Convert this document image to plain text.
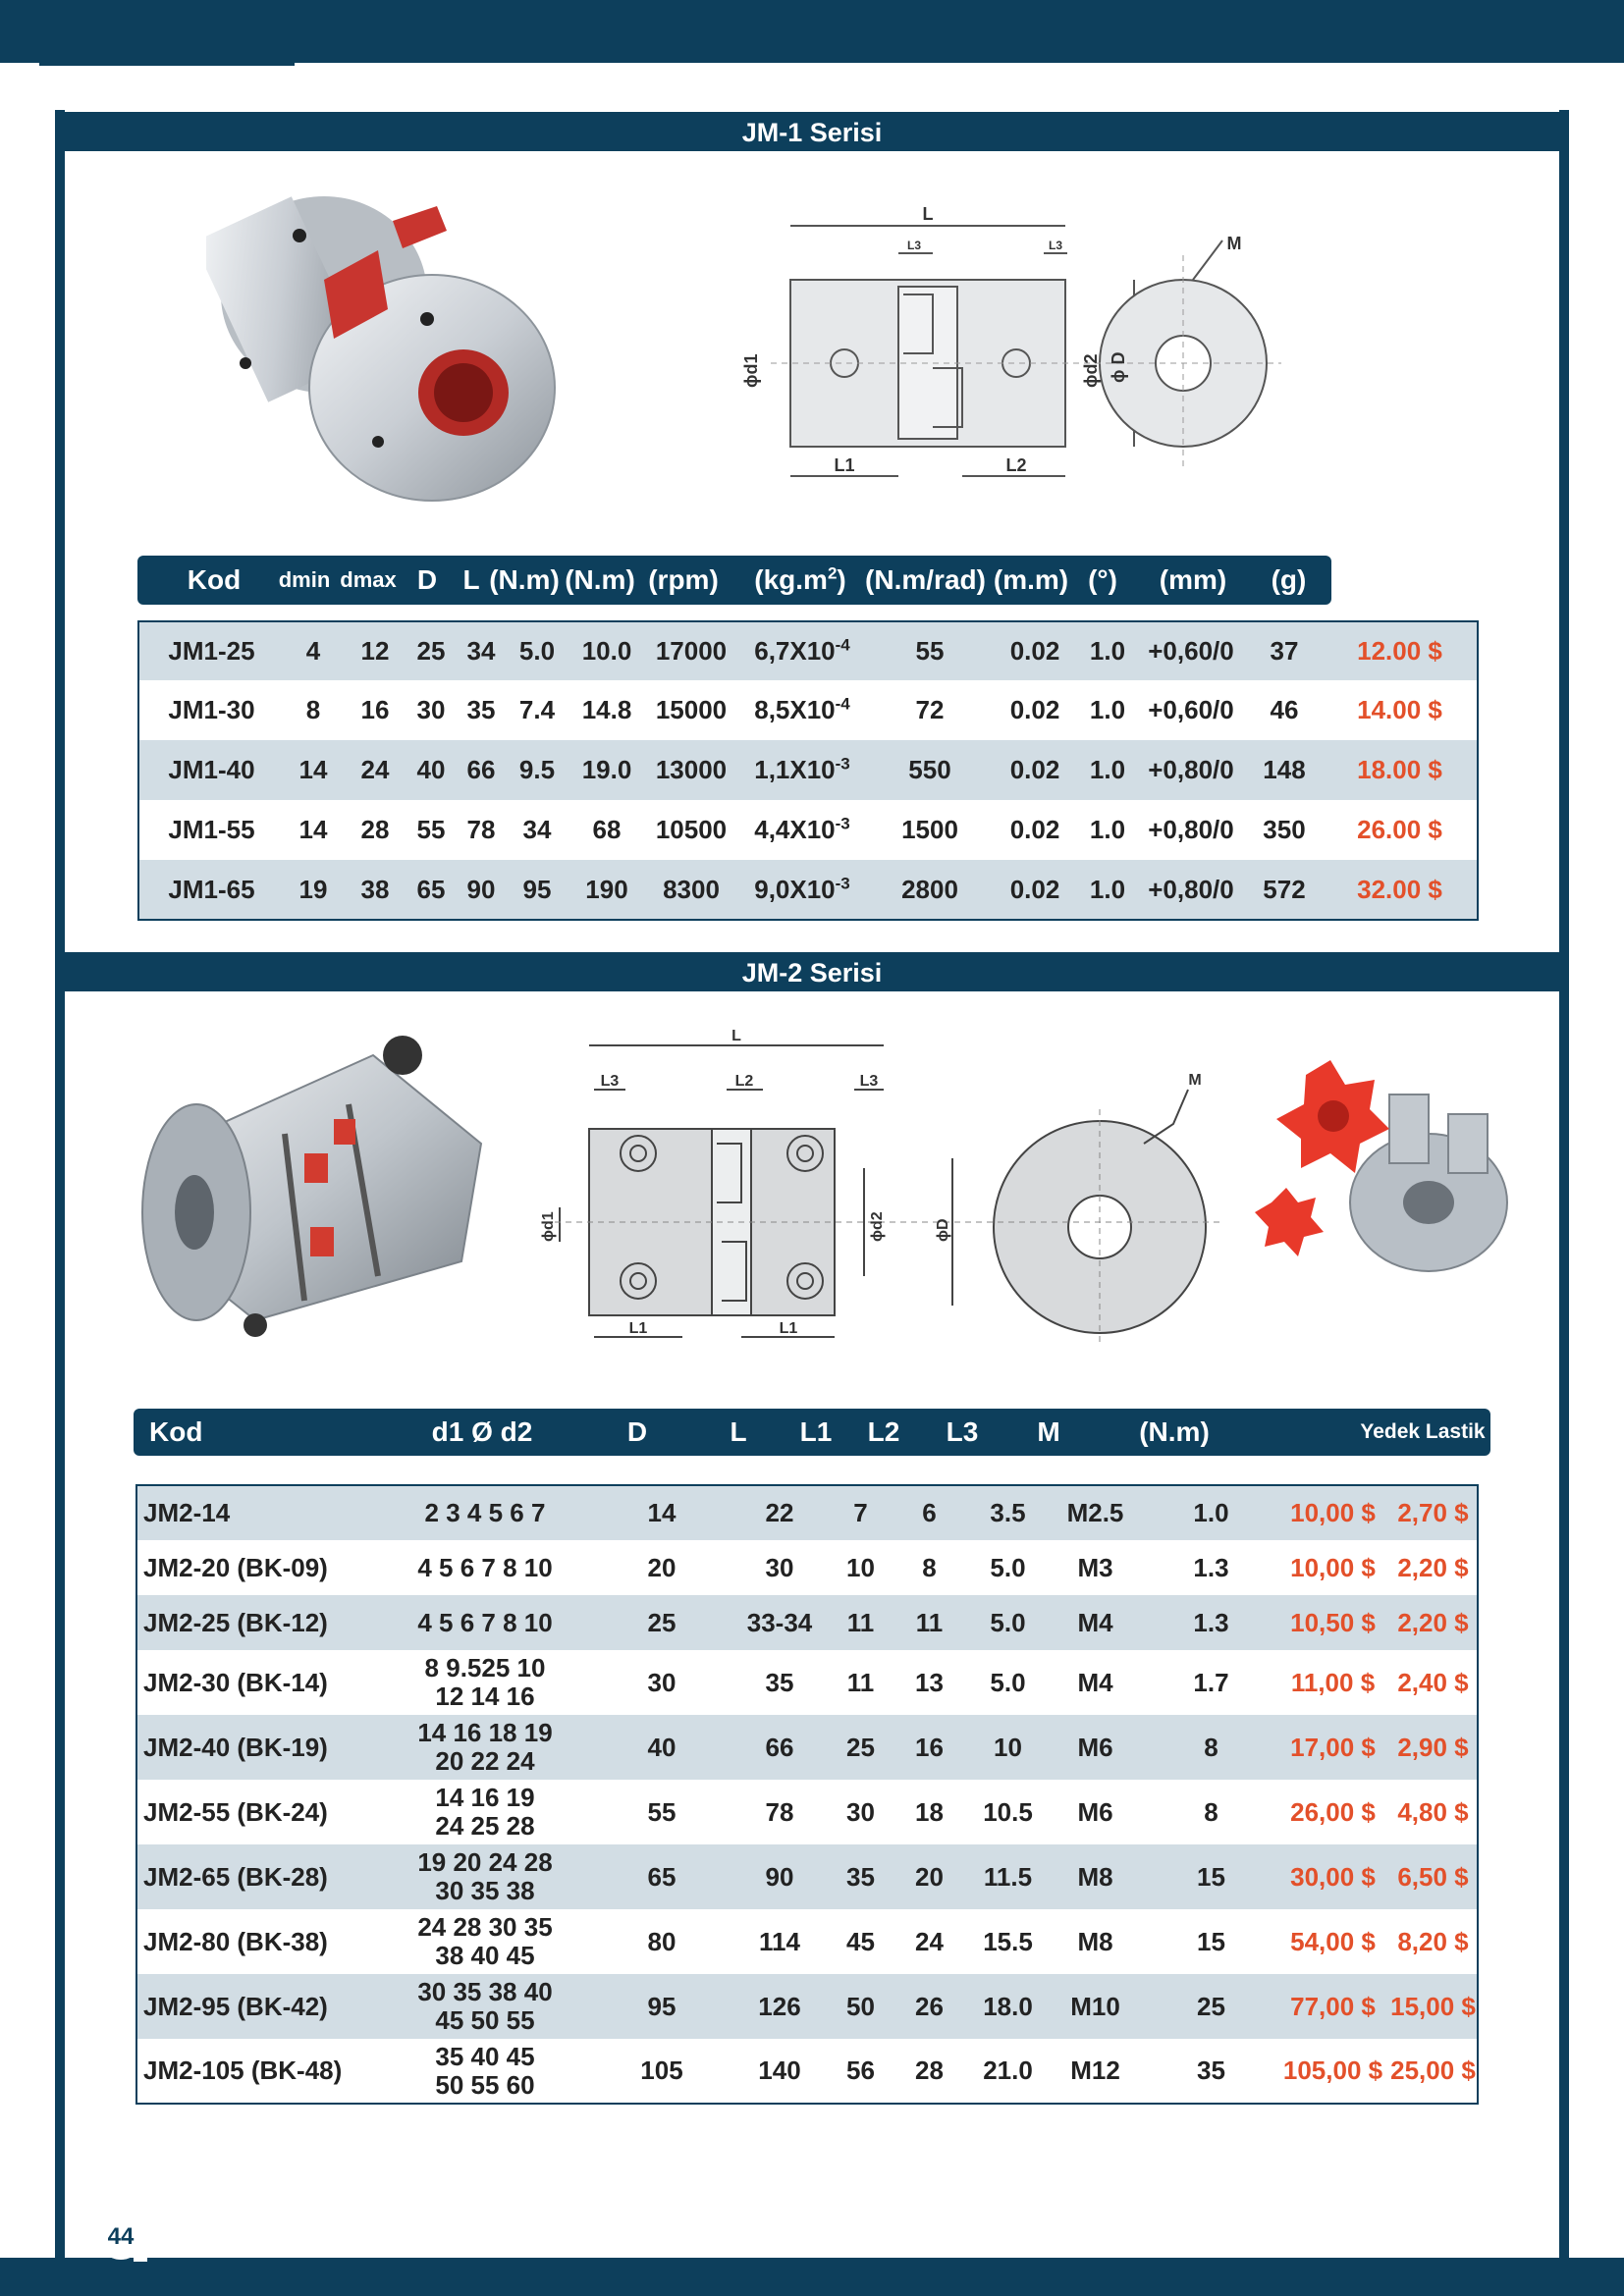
JM-1 Serisi
L
L3	L3
L1	L2
ϕd1	ϕd2 ϕ D
M
Kod	dmin dmax D L (N.m) (N.m) (rpm) $(kg.m^2)$ (N.m/rad) (m.m) (°) (mm) (g)
JM1-25	4	12	25	34	5.0	10.0	17000	$6,7X10^{-4}$	55	0.02	1.0	+0,60/0	37	12.00 $
JM1-30	8	16	30	35	7.4	14.8	15000	$8,5X10^{-4}$	72	0.02	1.0	+0,60/0	46	14.00 $
JM1-40	14	24	40	66	9.5	19.0	13000	$1,1X10^{-3}$	550	0.02	1.0	+0,80/0	148	18.00 $
JM1-55	14	28	55	78	34	68	10500	$4,4X10^{-3}$	1500	0.02	1.0	+0,80/0	350	26.00 $
JM1-65	19	38	65	90	95	190	8300	$9,0X10^{-3}$	2800	0.02	1.0	+0,80/0	572	32.00 $
JM-2 Serisi
L
L3	L2	L3
L1	L1
ϕd1	ϕd2	ϕD
M
Kod	d1 Ø d2	D	L	L1 L2 L3	M	(N.m)	Yedek Lastik
JM2-14	2 3 4 5 6 7	14	22	7	6	3.5	M2.5	1.0	10,00 $	2,70 $
JM2-20 (BK-09)	4 5 6 7 8 10	20	30	10	8	5.0	M3	1.3	10,00 $	2,20 $
JM2-25 (BK-12)	4 5 6 7 8 10	25	33-34	11	11	5.0	M4	1.3	10,50 $	2,20 $
JM2-30 (BK-14)	8 9.525 10
12 14 16	30	35	11	13	5.0	M4	1.7	11,00 $	2,40 $
JM2-40 (BK-19)	14 16 18 19
20 22 24	40	66	25	16	10	M6	8	17,00 $	2,90 $
JM2-55 (BK-24)	14 16 19
24 25 28	55	78	30	18	10.5	M6	8	26,00 $	4,80 $
JM2-65 (BK-28)	19 20 24 28
30 35 38	65	90	35	20	11.5	M8	15	30,00 $	6,50 $
JM2-80 (BK-38)	24 28 30 35
38 40 45	80	114	45	24	15.5	M8	15	54,00 $	8,20 $
JM2-95 (BK-42)	30 35 38 40
45 50 55	95	126	50	26	18.0	M10	25	77,00 $	15,00 $
JM2-105 (BK-48)	35 40 45
50 55 60	105	140	56	28	21.0	M12	35	105,00 $	25,00 $
44
